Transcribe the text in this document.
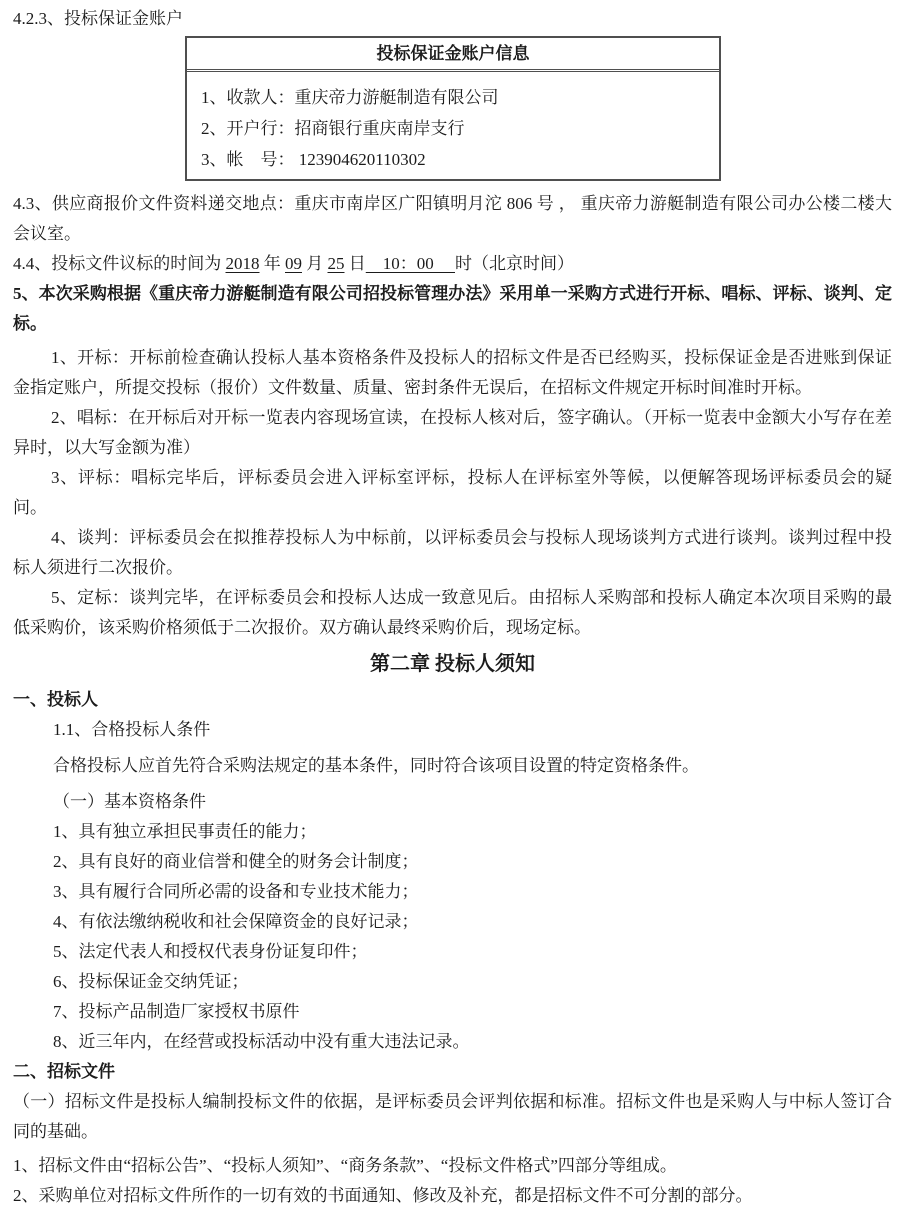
4.2.3、投标保证金账户

投标保证金账户信息

1、收款人：重庆帝力游艇制造有限公司

2、开户行：招商银行重庆南岸支行

3、帐　号： 123904620110302

4.3、供应商报价文件资料递交地点：重庆市南岸区广阳镇明月沱 806 号 ， 重庆帝力游艇制造有限公司办公楼二楼大会议室。

4.4、投标文件议标的时间为 2018 年 09 月 25 日　10：00　 时（北京时间）

5、本次采购根据《重庆帝力游艇制造有限公司招投标管理办法》采用单一采购方式进行开标、唱标、评标、谈判、定标。

1、开标：开标前检查确认投标人基本资格条件及投标人的招标文件是否已经购买，投标保证金是否进账到保证金指定账户，所提交投标（报价）文件数量、质量、密封条件无误后，在招标文件规定开标时间准时开标。

2、唱标：在开标后对开标一览表内容现场宣读，在投标人核对后，签字确认。（开标一览表中金额大小写存在差异时，以大写金额为准）

3、评标：唱标完毕后，评标委员会进入评标室评标，投标人在评标室外等候，以便解答现场评标委员会的疑问。

4、谈判：评标委员会在拟推荐投标人为中标前，以评标委员会与投标人现场谈判方式进行谈判。谈判过程中投标人须进行二次报价。

5、定标：谈判完毕，在评标委员会和投标人达成一致意见后。由招标人采购部和投标人确定本次项目采购的最低采购价，该采购价格须低于二次报价。双方确认最终采购价后，现场定标。

第二章 投标人须知

一、投标人

1.1、合格投标人条件

合格投标人应首先符合采购法规定的基本条件，同时符合该项目设置的特定资格条件。

（一）基本资格条件

1、具有独立承担民事责任的能力；

2、具有良好的商业信誉和健全的财务会计制度；

3、具有履行合同所必需的设备和专业技术能力；

4、有依法缴纳税收和社会保障资金的良好记录；

5、法定代表人和授权代表身份证复印件；

6、投标保证金交纳凭证；

7、投标产品制造厂家授权书原件

8、近三年内，在经营或投标活动中没有重大违法记录。

二、招标文件

（一）招标文件是投标人编制投标文件的依据，是评标委员会评判依据和标准。招标文件也是采购人与中标人签订合同的基础。

1、招标文件由“招标公告”、“投标人须知”、“商务条款”、“投标文件格式”四部分等组成。

2、采购单位对招标文件所作的一切有效的书面通知、修改及补充，都是招标文件不可分割的部分。
